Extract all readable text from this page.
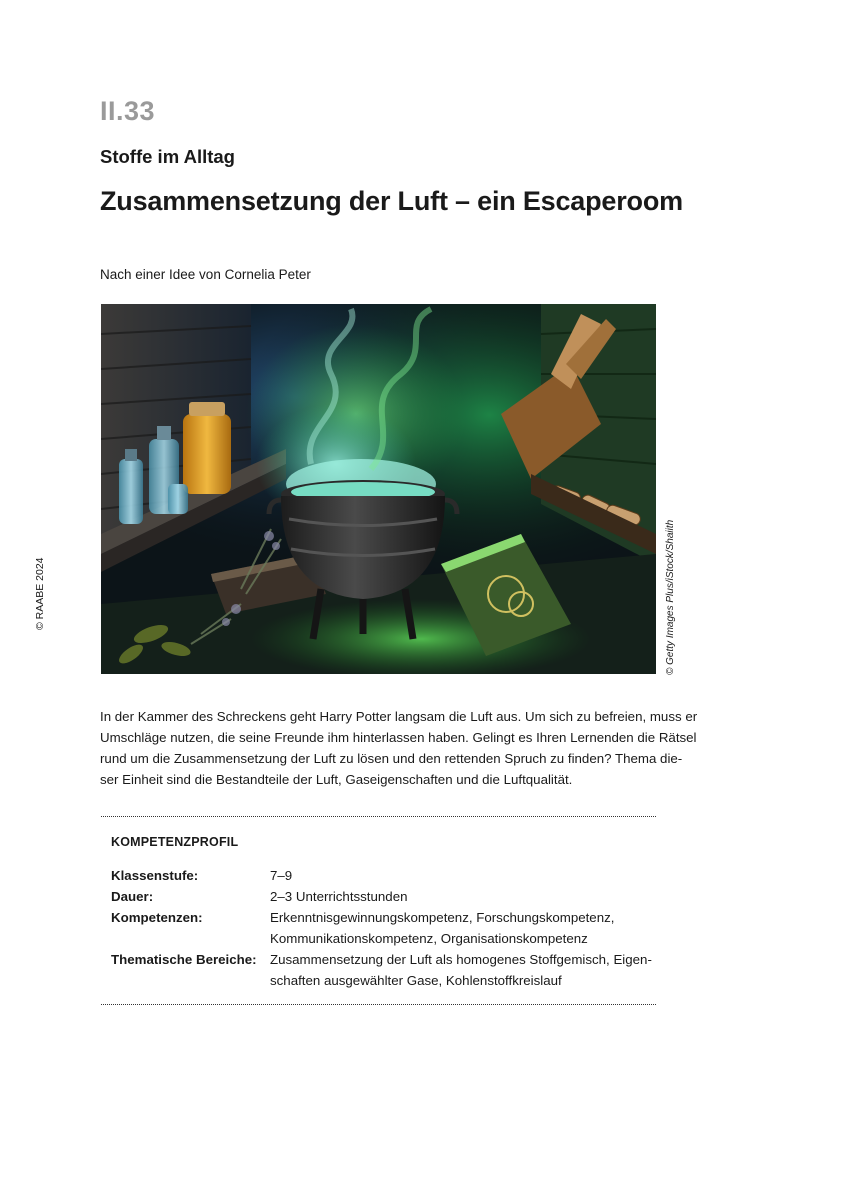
II.33
Stoffe im Alltag
Zusammensetzung der Luft – ein Escaperoom
Nach einer Idee von Cornelia Peter
© RAABE 2024	© Getty Images Plus/iStock/Shaiith

In der Kammer des Schreckens geht Harry Potter langsam die Luft aus. Um sich zu befreien, muss er

Umschläge nutzen, die seine Freunde ihm hinterlassen haben. Gelingt es Ihren Lernenden die Rätsel

rund um die Zusammensetzung der Luft zu lösen und den rettenden Spruch zu finden? Thema die-

ser Einheit sind die Bestandteile der Luft, Gaseigenschaften und die Luftqualität.

KOMPETENZPROFIL
Klassenstufe:	7–9
Dauer:	2–3 Unterrichtsstunden
Kompetenzen:	Erkenntnisgewinnungskompetenz, Forschungskompetenz,
Kommunikationskompetenz, Organisationskompetenz
Thematische Bereiche:	Zusammensetzung der Luft als homogenes Stoffgemisch, Eigen-
schaften ausgewählter Gase, Kohlenstoffkreislauf
